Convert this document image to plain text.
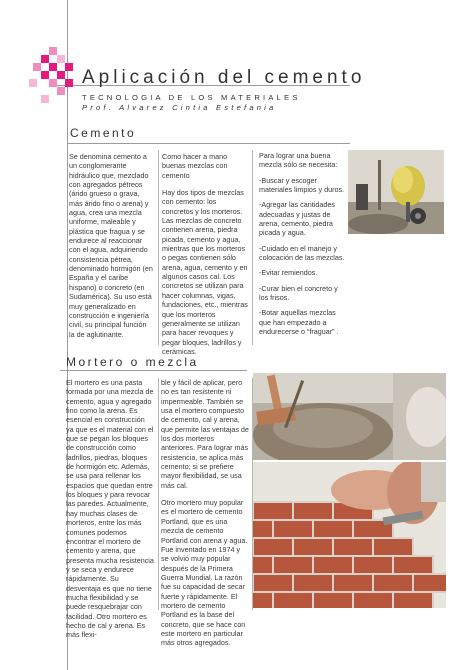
Aplicación del cemento
TECNOLOGIA DE LOS MATERIALES
Prof. Alvarez Cintia Estefania
Cemento

Se denomina cemento a un conglomerante hidráulico que, mezclado con agregados pétreos (árido grueso o grava, más árido fino o arena) y agua, crea una mezcla uniforme, maleable y plástica que fragua y se endurece al reaccionar con el agua, adquiriendo consistencia pétrea, denominado hormigón (en España y el caribe hispano) o concreto (en Sudamérica). Su uso está muy generalizado en construcción e ingeniería civil, su principal función la de aglutinante.

Como hacer a mano buenas mezclas con cemento

Hay dos tipos de mezclas con cemento: los concretos y los morteros. Las mezclas de concreto contienen arena, piedra picada, cemento y agua, mientras que los morteros o pegas contienen sólo arena, agua, cemento y en algunos casos cal. Los concretos se utilizan para hacer columnas, vigas, fundaciones, etc., mientras que los morteros generalmente se utilizan para hacer revoques y pegar bloques, ladrillos y cerámicas.

Para lograr una buena mezcla sólo se necesita:

-Buscar y escoger materiales limpios y duros.
-Agregar las cantidades adecuadas y justas de arena, cemento, piedra picada y agua.
-Cuidado en el manejo y colocación de las mezclas.
-Evitar remiendos.
-Curar bien el concreto y los frisos.
-Botar aquellas mezclas que han empezado a endurecerse o “fraguar” .
Mortero o mezcla

El mortero es una pasta formada por una mezcla de cemento, agua y agregado fino como la arena. Es esencial en construcción ya que es el material con el que se pegan los bloques de construcción como ladrillos, piedras, bloques de hormigón etc. Además, se usa para rellenar los espacios que quedan entre los bloques y para revocar las paredes. Actualmente, hay muchas clases de morteros, entre los más comunes podemos encontrar el mortero de cemento y arena, que presenta mucha resistencia y se seca y endurece rápidamente. Su desventaja es que no tiene mucha flexibilidad y se puede resquebrajar con facilidad. Otro mortero es hecho de cal y arena. Es más flexi-

ble y fácil de aplicar, pero no es tan resistente ni impermeable. También se usa el mortero compuesto de cemento, cal y arena, que permite las ventajas de los dos morteros anteriores. Para lograr más resistencia, se aplica más cemento; si se prefiere mayor flexibilidad, se usa más cal.

Otro mortero muy popular es el mortero de cemento Portland, que es una mezcla de cemento Portland con arena y agua. Fue inventado en 1974 y se volvió muy popular después de la Primera Guerra Mundial. La razón fue su capacidad de secar fuerte y rápidamente. El mortero de cemento Portland es la base del concreto, que se hace con este mortero en particular más otros agregados.
